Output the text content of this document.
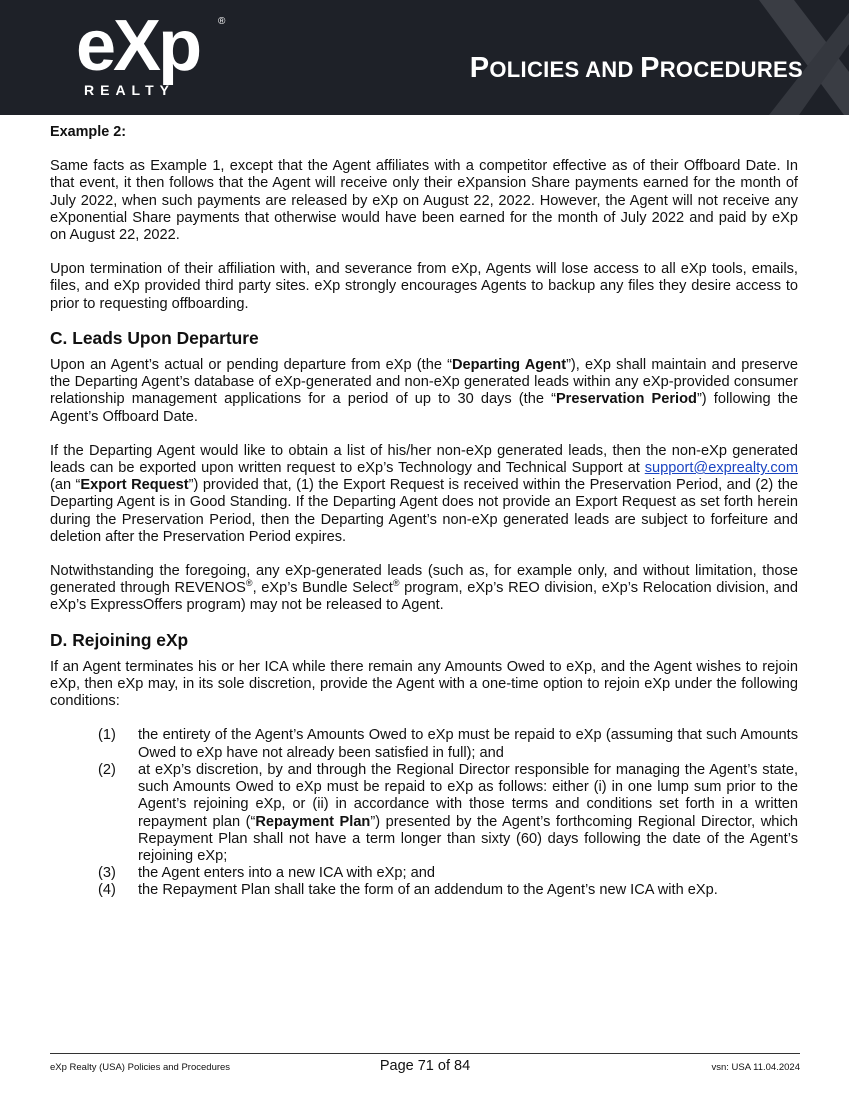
eXp ®
REALTY
POLICIES AND PROCEDURES

Example 2:

Same facts as Example 1, except that the Agent affiliates with a competitor effective as of their Offboard Date. In that event, it then follows that the Agent will receive only their eXpansion Share payments earned for the month of July 2022, when such payments are released by eXp on August 22, 2022. However, the Agent will not receive any eXponential Share payments that otherwise would have been earned for the month of July 2022 and paid by eXp on August 22, 2022.

Upon termination of their affiliation with, and severance from eXp, Agents will lose access to all eXp tools, emails, files, and eXp provided third party sites. eXp strongly encourages Agents to backup any files they desire access to prior to requesting offboarding.

C. Leads Upon Departure

Upon an Agent’s actual or pending departure from eXp (the “Departing Agent”), eXp shall maintain and preserve the Departing Agent’s database of eXp-generated and non-eXp generated leads within any eXp-provided consumer relationship management applications for a period of up to 30 days (the “Preservation Period”) following the Agent’s Offboard Date.

If the Departing Agent would like to obtain a list of his/her non-eXp generated leads, then the non-eXp generated leads can be exported upon written request to eXp’s Technology and Technical Support at support@exprealty.com (an “Export Request”) provided that, (1) the Export Request is received within the Preservation Period, and (2) the Departing Agent is in Good Standing. If the Departing Agent does not provide an Export Request as set forth herein during the Preservation Period, then the Departing Agent’s non-eXp generated leads are subject to forfeiture and deletion after the Preservation Period expires.

Notwithstanding the foregoing, any eXp-generated leads (such as, for example only, and without limitation, those generated through REVENOS®, eXp’s Bundle Select® program, eXp’s REO division, eXp’s Relocation division, and eXp’s ExpressOffers program) may not be released to Agent.

D. Rejoining eXp

If an Agent terminates his or her ICA while there remain any Amounts Owed to eXp, and the Agent wishes to rejoin eXp, then eXp may, in its sole discretion, provide the Agent with a one-time option to rejoin eXp under the following conditions:

(1) the entirety of the Agent’s Amounts Owed to eXp must be repaid to eXp (assuming that such Amounts Owed to eXp have not already been satisfied in full); and
(2) at eXp’s discretion, by and through the Regional Director responsible for managing the Agent’s state, such Amounts Owed to eXp must be repaid to eXp as follows: either (i) in one lump sum prior to the Agent’s rejoining eXp, or (ii) in accordance with those terms and conditions set forth in a written repayment plan (“Repayment Plan”) presented by the Agent’s forthcoming Regional Director, which Repayment Plan shall not have a term longer than sixty (60) days following the date of the Agent’s rejoining eXp;
(3) the Agent enters into a new ICA with eXp; and
(4) the Repayment Plan shall take the form of an addendum to the Agent’s new ICA with eXp.
eXp Realty (USA) Policies and Procedures	Page 71 of 84	vsn: USA 11.04.2024
